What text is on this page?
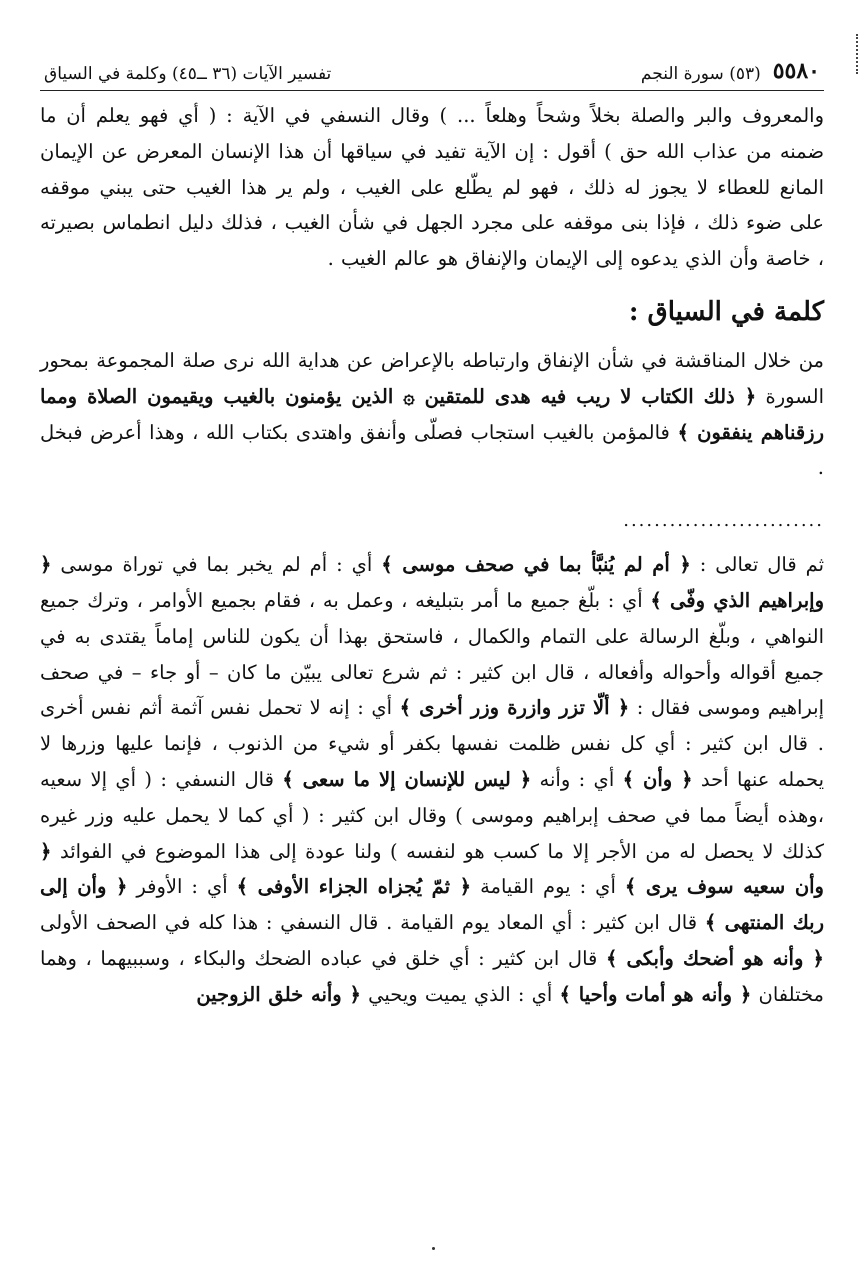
٥٥٨٠
(٥٣) سورة النجم
تفسير الآيات (٣٦ ــ٤٥) وكلمة في السياق

والمعروف والبر والصلة بخلاً وشحاً وهلعاً ... ) وقال النسفي في الآية : ( أي فهو يعلم أن ما ضمنه من عذاب الله حق ) أقول : إن الآية تفيد في سياقها أن هذا الإنسان المعرض عن الإيمان المانع للعطاء لا يجوز له ذلك ، فهو لم يطّلع على الغيب ، ولم ير هذا الغيب حتى يبني موقفه على ضوء ذلك ، فإذا بنى موقفه على مجرد الجهل في شأن الغيب ، فذلك دليل انطماس بصيرته ، خاصة وأن الذي يدعوه إلى الإيمان والإنفاق هو عالم الغيب .

كلمة في السياق :

من خلال المناقشة في شأن الإنفاق وارتباطه بالإعراض عن هداية الله نرى صلة المجموعة بمحور السورة ﴿ ذلك الكتاب لا ريب فيه هدى للمتقين ۞ الذين يؤمنون بالغيب ويقيمون الصلاة ومما رزقناهم ينفقون ﴾ فالمؤمن بالغيب استجاب فصلّى وأنفق واهتدى بكتاب الله ، وهذا أعرض فبخل .

..........................

ثم قال تعالى : ﴿ أم لم يُنبَّأ بما في صحف موسى ﴾ أي : أم لم يخبر بما في توراة موسى ﴿ وإبراهيم الذي وفّى ﴾ أي : بلّغ جميع ما أمر بتبليغه ، وعمل به ، فقام بجميع الأوامر ، وترك جميع النواهي ، وبلّغ الرسالة على التمام والكمال ، فاستحق بهذا أن يكون للناس إماماً يقتدى به في جميع أقواله وأحواله وأفعاله ، قال ابن كثير : ثم شرع تعالى يبيّن ما كان – أو جاء – في صحف إبراهيم وموسى فقال : ﴿ ألّا تزر وازرة وزر أخرى ﴾ أي : إنه لا تحمل نفس آثمة أثم نفس أخرى . قال ابن كثير : أي كل نفس ظلمت نفسها بكفر أو شيء من الذنوب ، فإنما عليها وزرها لا يحمله عنها أحد ﴿ وأن ﴾ أي : وأنه ﴿ ليس للإنسان إلا ما سعى ﴾ قال النسفي : ( أي إلا سعيه ،وهذه أيضاً مما في صحف إبراهيم وموسى ) وقال ابن كثير : ( أي كما لا يحمل عليه وزر غيره كذلك لا يحصل له من الأجر إلا ما كسب هو لنفسه ) ولنا عودة إلى هذا الموضوع في الفوائد ﴿ وأن سعيه سوف يرى ﴾ أي : يوم القيامة ﴿ ثمّ يُجزاه الجزاء الأوفى ﴾ أي : الأوفر ﴿ وأن إلى ربك المنتهى ﴾ قال ابن كثير : أي المعاد يوم القيامة . قال النسفي : هذا كله في الصحف الأولى ﴿ وأنه هو أضحك وأبكى ﴾ قال ابن كثير : أي خلق في عباده الضحك والبكاء ، وسببيهما ، وهما مختلفان ﴿ وأنه هو أمات وأحيا ﴾ أي : الذي يميت ويحيي ﴿ وأنه خلق الزوجين
